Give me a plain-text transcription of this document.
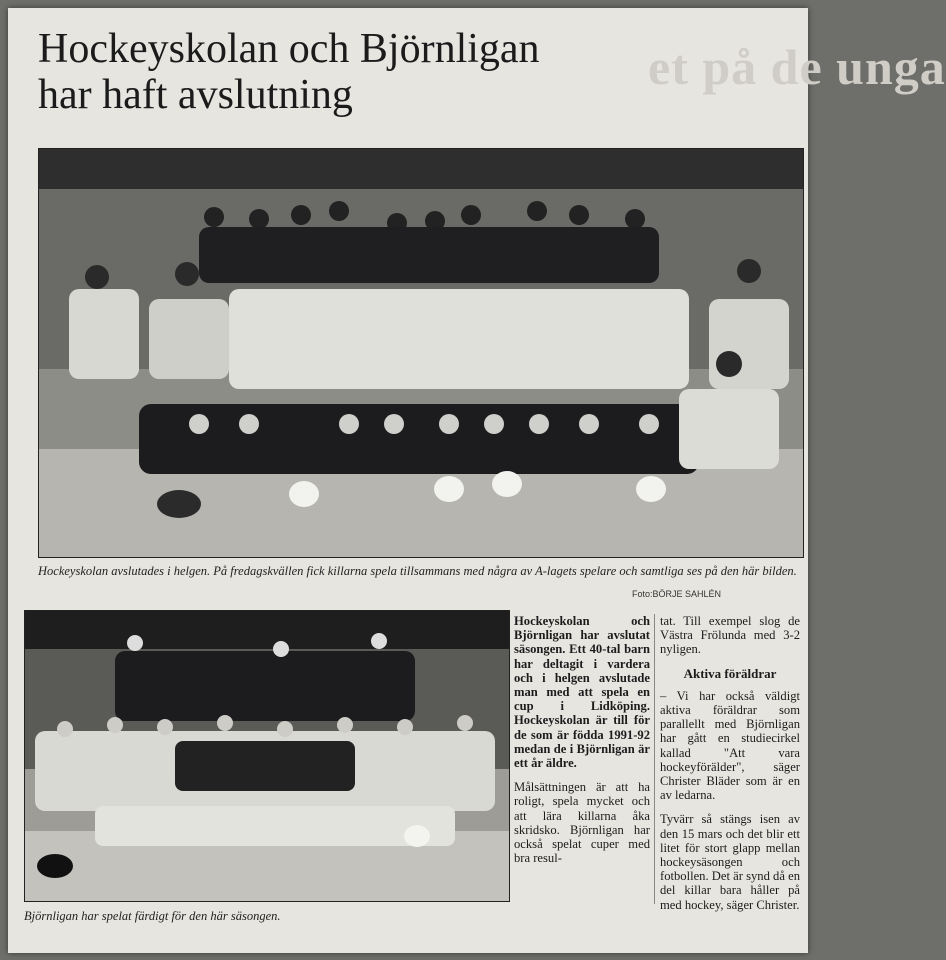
et på de unga
Hockeyskolan och Björnligan
har haft avslutning
Hockeyskolan avslutades i helgen. På fredagskvällen fick killarna spela tillsammans med några av A-lagets spelare och samtliga ses på den här bilden.
Foto:BÖRJE SAHLÉN
Björnligan har spelat färdigt för den här säsongen.

Hockeyskolan och Björnligan har avslutat säsongen. Ett 40-tal barn har deltagit i vardera och i helgen avslutade man med att spela en cup i Lidköping. Hockeyskolan är till för de som är födda 1991-92 medan de i Björnligan är ett år äldre.

Målsättningen är att ha roligt, spela mycket och att lära killarna åka skridsko. Björnligan har också spelat cuper med bra resul-

tat. Till exempel slog de Västra Frölunda med 3-2 nyligen.

Aktiva föräldrar

– Vi har också väldigt aktiva föräldrar som parallellt med Björnligan har gått en studiecirkel kallad "Att vara hockeyförälder", säger Christer Bläder som är en av ledarna.

Tyvärr så stängs isen av den 15 mars och det blir ett litet för stort glapp mellan hockeysäsongen och fotbollen. Det är synd då en del killar bara håller på med hockey, säger Christer.
